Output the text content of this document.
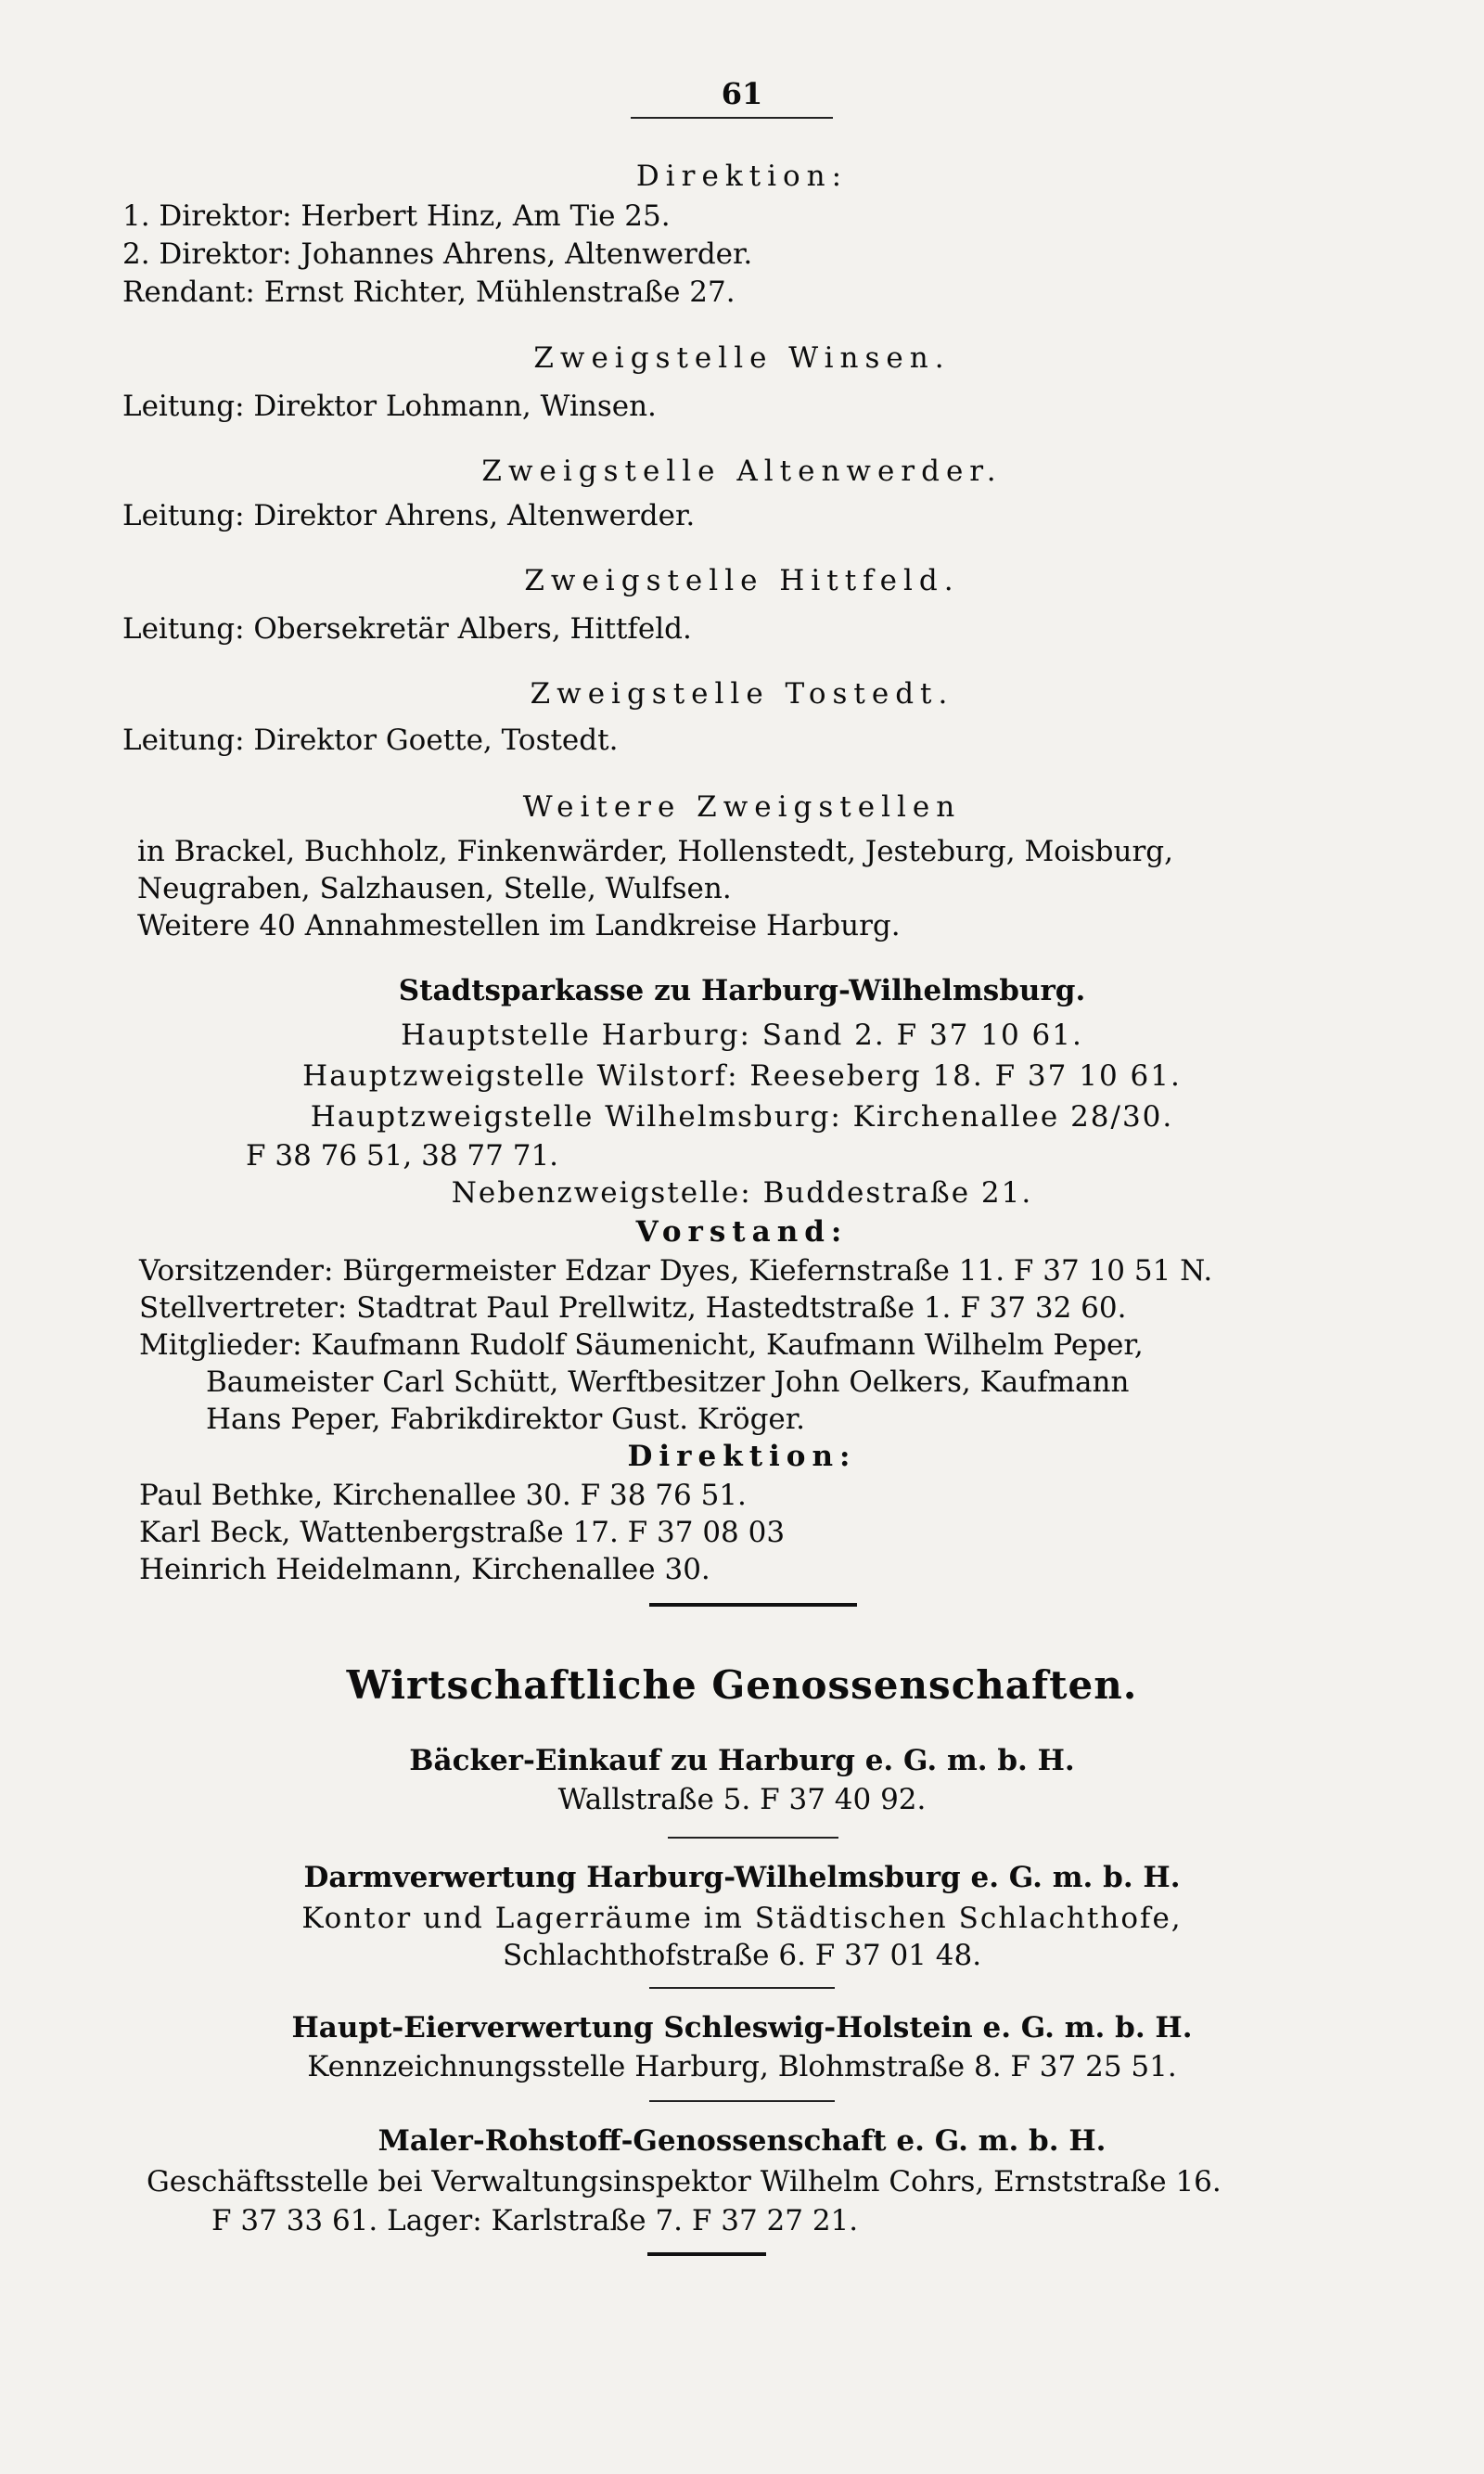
61
Direktion:
1. Direktor: Herbert Hinz, Am Tie 25.
2. Direktor: Johannes Ahrens, Altenwerder.
Rendant: Ernst Richter, Mühlenstraße 27.
Zweigstelle Winsen.
Leitung: Direktor Lohmann, Winsen.
Zweigstelle Altenwerder.
Leitung: Direktor Ahrens, Altenwerder.
Zweigstelle Hittfeld.
Leitung: Obersekretär Albers, Hittfeld.
Zweigstelle Tostedt.
Leitung: Direktor Goette, Tostedt.
Weitere Zweigstellen
in Brackel, Buchholz, Finkenwärder, Hollenstedt, Jesteburg, Moisburg,
Neugraben, Salzhausen, Stelle, Wulfsen.
Weitere 40 Annahmestellen im Landkreise Harburg.
Stadtsparkasse zu Harburg-Wilhelmsburg.
Hauptstelle Harburg: Sand 2. F 37 10 61.
Hauptzweigstelle Wilstorf: Reeseberg 18. F 37 10 61.
Hauptzweigstelle Wilhelmsburg: Kirchenallee 28/30.
F 38 76 51, 38 77 71.
Nebenzweigstelle: Buddestraße 21.
Vorstand:
Vorsitzender: Bürgermeister Edzar Dyes, Kiefernstraße 11. F 37 10 51 N.
Stellvertreter: Stadtrat Paul Prellwitz, Hastedtstraße 1. F 37 32 60.
Mitglieder: Kaufmann Rudolf Säumenicht, Kaufmann Wilhelm Peper,
Baumeister Carl Schütt, Werftbesitzer John Oelkers, Kaufmann
Hans Peper, Fabrikdirektor Gust. Kröger.
Direktion:
Paul Bethke, Kirchenallee 30. F 38 76 51.
Karl Beck, Wattenbergstraße 17. F 37 08 03
Heinrich Heidelmann, Kirchenallee 30.
Wirtschaftliche Genossenschaften.
Bäcker-Einkauf zu Harburg e. G. m. b. H.
Wallstraße 5. F 37 40 92.
Darmverwertung Harburg-Wilhelmsburg e. G. m. b. H.
Kontor und Lagerräume im Städtischen Schlachthofe,
Schlachthofstraße 6. F 37 01 48.
Haupt-Eierverwertung Schleswig-Holstein e. G. m. b. H.
Kennzeichnungsstelle Harburg, Blohmstraße 8. F 37 25 51.
Maler-Rohstoff-Genossenschaft e. G. m. b. H.
Geschäftsstelle bei Verwaltungsinspektor Wilhelm Cohrs, Ernststraße 16.
F 37 33 61. Lager: Karlstraße 7. F 37 27 21.
